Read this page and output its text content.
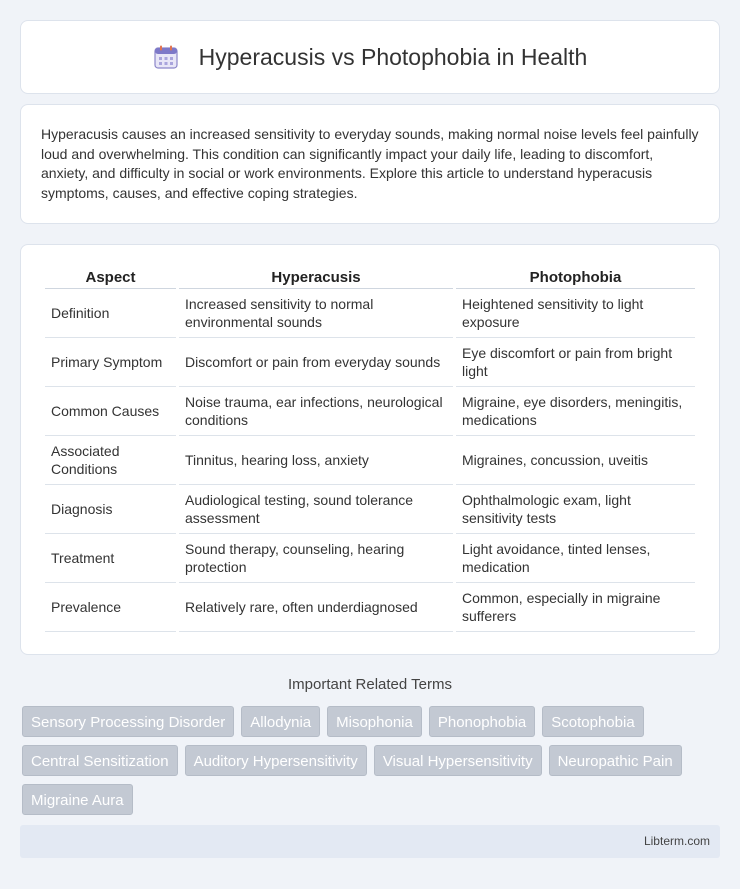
Hyperacusis vs Photophobia in Health

Hyperacusis causes an increased sensitivity to everyday sounds, making normal noise levels feel painfully loud and overwhelming. This condition can significantly impact your daily life, leading to discomfort, anxiety, and difficulty in social or work environments. Explore this article to understand hyperacusis symptoms, causes, and effective coping strategies.

Aspect	Hyperacusis	Photophobia
Definition	Increased sensitivity to normal environmental sounds	Heightened sensitivity to light exposure
Primary Symptom	Discomfort or pain from everyday sounds	Eye discomfort or pain from bright light
Common Causes	Noise trauma, ear infections, neurological conditions	Migraine, eye disorders, meningitis, medications
Associated Conditions	Tinnitus, hearing loss, anxiety	Migraines, concussion, uveitis
Diagnosis	Audiological testing, sound tolerance assessment	Ophthalmologic exam, light sensitivity tests
Treatment	Sound therapy, counseling, hearing protection	Light avoidance, tinted lenses, medication
Prevalence	Relatively rare, often underdiagnosed	Common, especially in migraine sufferers
Important Related Terms
Sensory Processing Disorder	Allodynia	Misophonia	Phonophobia	Scotophobia
Central Sensitization	Auditory Hypersensitivity	Visual Hypersensitivity	Neuropathic Pain
Migraine Aura
Libterm.com
